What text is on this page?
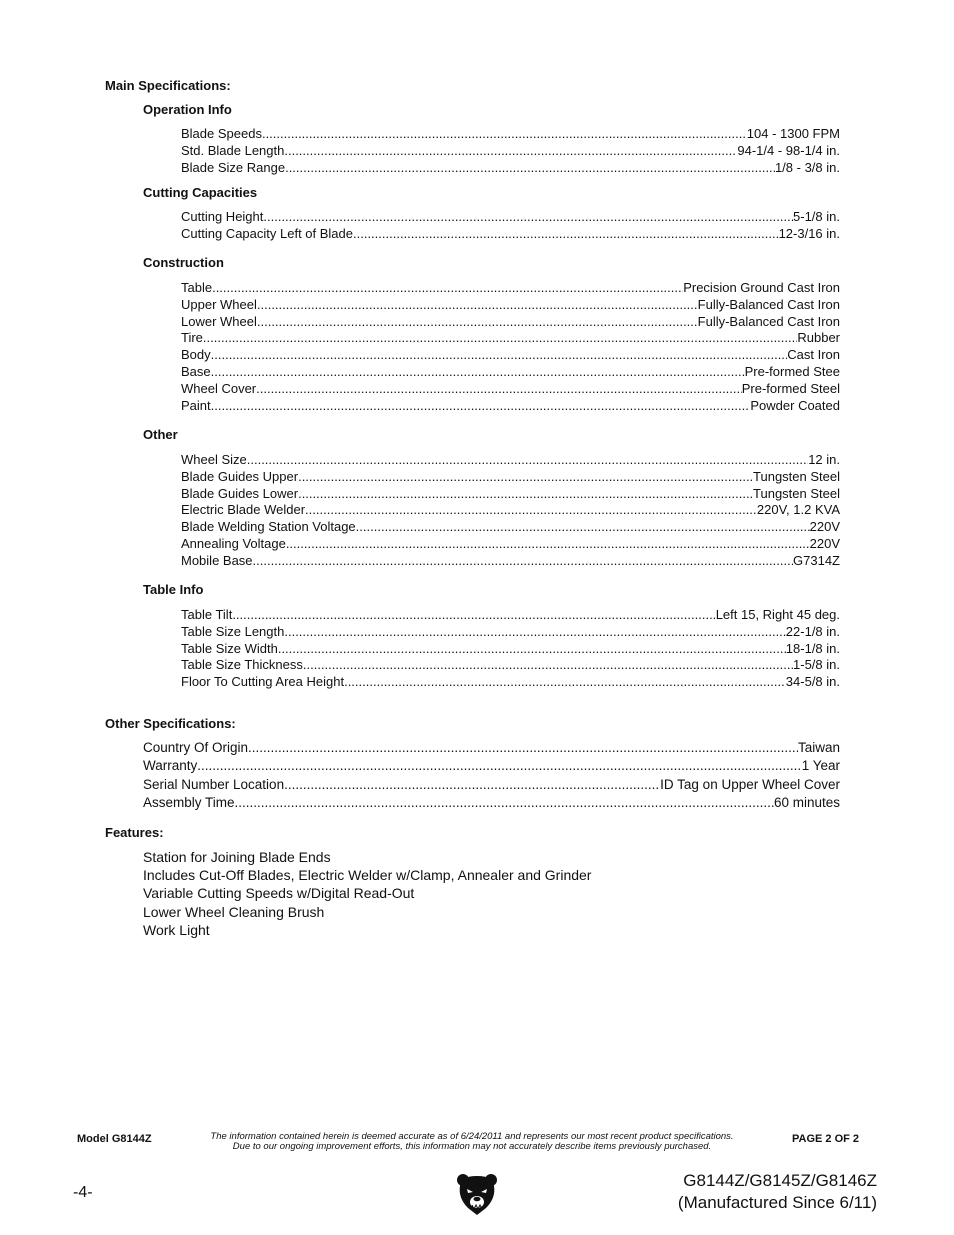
Main Specifications:
Operation Info
Blade Speeds .....	104 - 1300 FPM
Std. Blade Length .....	94-1/4 - 98-1/4 in.
Blade Size Range .....	1/8 - 3/8 in.
Cutting Capacities
Cutting Height .....	5-1/8 in.
Cutting Capacity Left of Blade .....	12-3/16 in.
Construction
Table .....	Precision Ground Cast Iron
Upper Wheel .....	Fully-Balanced Cast Iron
Lower Wheel .....	Fully-Balanced Cast Iron
Tire .....	Rubber
Body .....	Cast Iron
Base .....	Pre-formed Stee
Wheel Cover .....	Pre-formed Steel
Paint .....	Powder Coated
Other
Wheel Size .....	12 in.
Blade Guides Upper .....	Tungsten Steel
Blade Guides Lower .....	Tungsten Steel
Electric Blade Welder .....	220V, 1.2 KVA
Blade Welding Station Voltage .....	220V
Annealing Voltage .....	220V
Mobile Base .....	G7314Z
Table Info
Table Tilt .....	Left 15, Right 45 deg.
Table Size Length .....	22-1/8 in.
Table Size Width .....	18-1/8 in.
Table Size Thickness .....	1-5/8 in.
Floor To Cutting Area Height .....	34-5/8 in.
Other Specifications:
Country Of Origin .....	Taiwan
Warranty .....	1 Year
Serial Number Location .....	ID Tag on Upper Wheel Cover
Assembly Time .....	60 minutes
Features:
Station for Joining Blade Ends
Includes Cut-Off Blades, Electric Welder w/Clamp, Annealer and Grinder
Variable Cutting Speeds w/Digital Read-Out
Lower Wheel Cleaning Brush
Work Light
Model G8144Z	The information contained herein is deemed accurate as of 6/24/2011 and represents our most recent product specifications.
Due to our ongoing improvement efforts, this information may not accurately describe items previously purchased.
PAGE 2 OF 2
-4-
G8144Z/G8145Z/G8146Z
(Manufactured Since 6/11)
